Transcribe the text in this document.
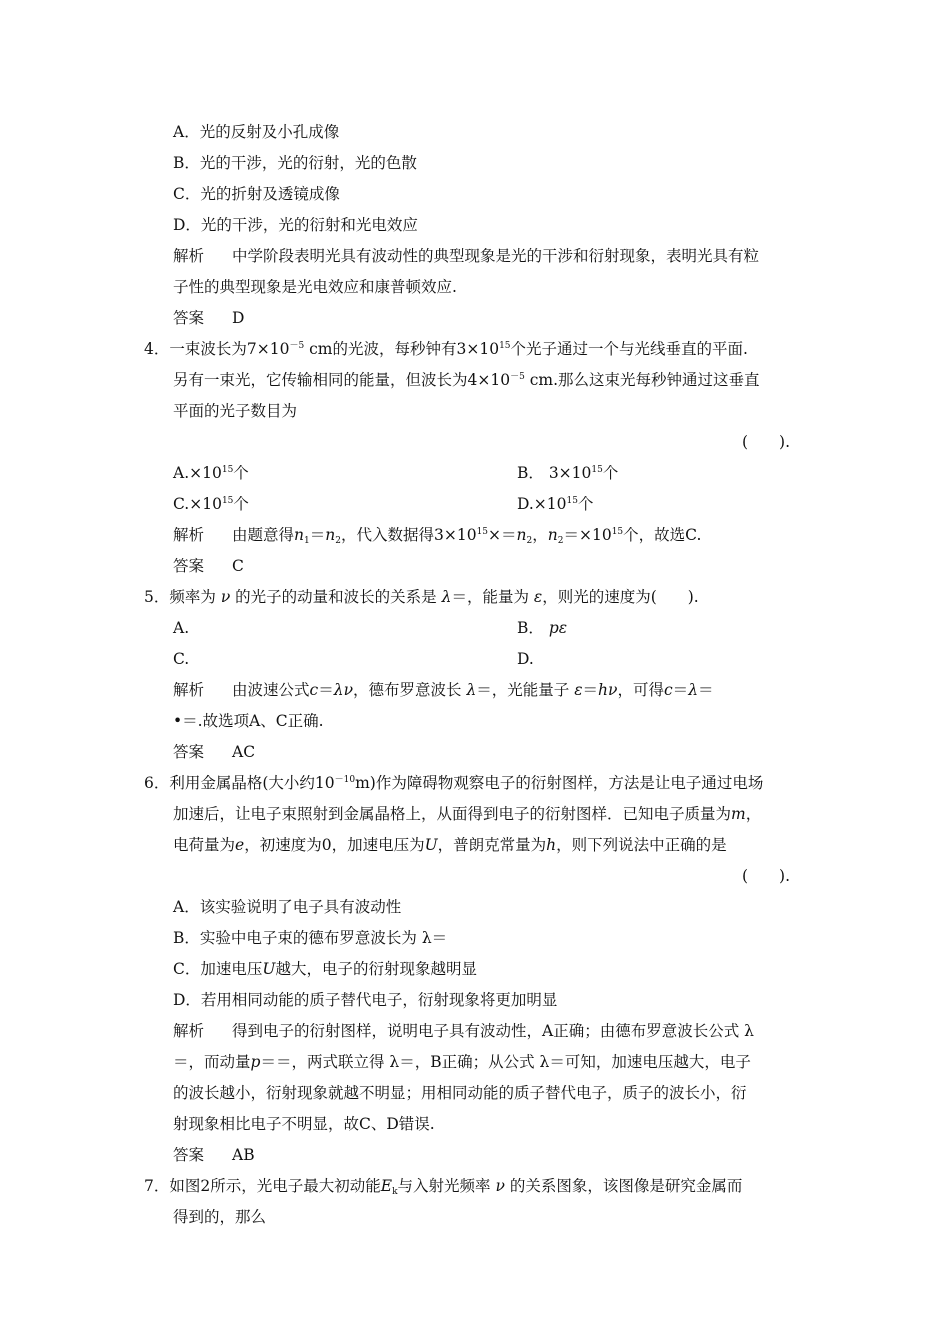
A．光的反射及小孔成像
B．光的干涉，光的衍射，光的色散
C．光的折射及透镜成像
D．光的干涉，光的衍射和光电效应
解析 中学阶段表明光具有波动性的典型现象是光的干涉和衍射现象，表明光具有粒
子性的典型现象是光电效应和康普顿效应.
答案 D
4．一束波长为$7\times 10^{-5}$ cm的光波，每秒钟有$3\times 10^{15}$个光子通过一个与光线垂直的平面.
另有一束光，它传输相同的能量，但波长为$4\times 10^{-5}$ cm.那么这束光每秒钟通过这垂直
平面的光子数目为
(　　).
$A.\times 10^{15}$个	B． $3\times 10^{15}$个
$C.\times 10^{15}$个	$D.\times 10^{15}$个
解析 由题意得$n_1=n_2$，代入数据得$3\times 10^{15}\times=n_2$，$n_2=\times 10^{15}$个，故选C.
答案 C
5．频率为 ν 的光子的动量和波长的关系是 λ＝，能量为 ε，则光的速度为(　　).
A.	B． pε
C.	D.
解析 由波速公式c＝λν，德布罗意波长 λ＝，光能量子 ε＝hν，可得c＝λ＝
•＝.故选项A、C正确.
答案 AC
6．利用金属晶格(大小约$10^{-10}m$)作为障碍物观察电子的衍射图样，方法是让电子通过电场
加速后，让电子束照射到金属晶格上，从面得到电子的衍射图样．已知电子质量为m，
电荷量为e，初速度为0，加速电压为U，普朗克常量为h，则下列说法中正确的是
(　　).
A．该实验说明了电子具有波动性
B．实验中电子束的德布罗意波长为 λ＝
C．加速电压U越大，电子的衍射现象越明显
D．若用相同动能的质子替代电子，衍射现象将更加明显
解析 得到电子的衍射图样，说明电子具有波动性，A正确；由德布罗意波长公式 λ
＝，而动量p＝＝，两式联立得 λ＝，B正确；从公式 λ＝可知，加速电压越大，电子
的波长越小，衍射现象就越不明显；用相同动能的质子替代电子，质子的波长小，衍
射现象相比电子不明显，故C、D错误.
答案 AB
7．如图2所示，光电子最大初动能$E_k$与入射光频率 ν 的关系图象，该图像是研究金属而
得到的，那么
